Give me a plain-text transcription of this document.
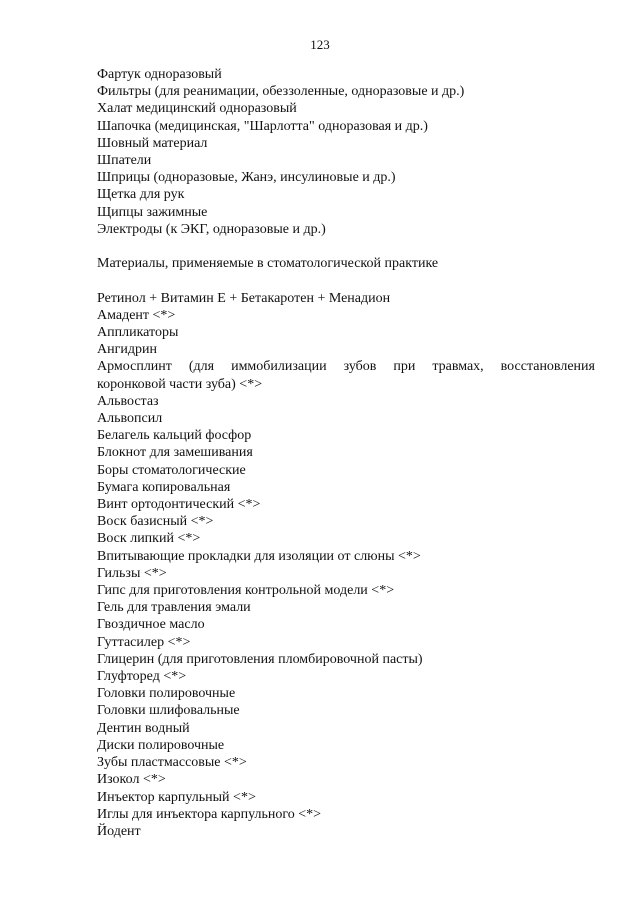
123
Фартук одноразовый
Фильтры (для реанимации, обеззоленные, одноразовые и др.)
Халат медицинский одноразовый
Шапочка (медицинская, "Шарлотта" одноразовая и др.)
Шовный материал
Шпатели
Шприцы (одноразовые, Жанэ, инсулиновые и др.)
Щетка для рук
Щипцы зажимные
Электроды (к ЭКГ, одноразовые и др.)
Материалы, применяемые в стоматологической практике
Ретинол + Витамин Е + Бетакаротен + Менадион
Амадент <*>
Аппликаторы
Ангидрин
Армосплинт (для иммобилизации зубов при травмах, восстановления
коронковой части зуба) <*>
Альвостаз
Альвопсил
Белагель кальций фосфор
Блокнот для замешивания
Боры стоматологические
Бумага копировальная
Винт ортодонтический <*>
Воск базисный <*>
Воск липкий <*>
Впитывающие прокладки для изоляции от слюны <*>
Гильзы <*>
Гипс для приготовления контрольной модели <*>
Гель для травления эмали
Гвоздичное масло
Гуттасилер <*>
Глицерин (для приготовления пломбировочной пасты)
Глуфторед <*>
Головки полировочные
Головки шлифовальные
Дентин водный
Диски полировочные
Зубы пластмассовые <*>
Изокол <*>
Инъектор карпульный <*>
Иглы для инъектора карпульного <*>
Йодент
